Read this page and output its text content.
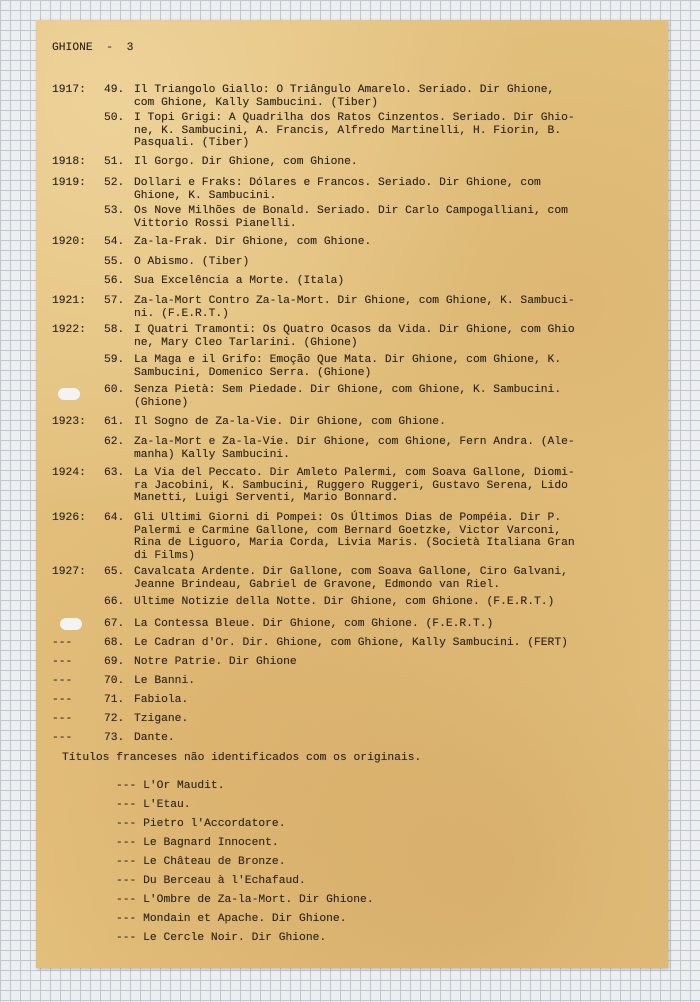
GHIONE  -  3
1917: 49. Il Triangolo Giallo: O Triângulo Amarelo. Seriado. Dir Ghione,
com Ghione, Kally Sambucini. (Tiber)
50. I Topi Grigi: A Quadrilha dos Ratos Cinzentos. Seriado. Dir Ghio-
ne, K. Sambucini, A. Francis, Alfredo Martinelli, H. Fiorin, B.
Pasquali. (Tiber)
1918: 51. Il Gorgo. Dir Ghione, com Ghione.
1919: 52. Dollari e Fraks: Dólares e Francos. Seriado. Dir Ghione, com
Ghione, K. Sambucini.
53. Os Nove Milhões de Bonald. Seriado. Dir Carlo Campogalliani, com
Vittorio Rossi Pianelli.
1920: 54. Za-la-Frak. Dir Ghione, com Ghione.
55. O Abismo. (Tiber)
56. Sua Excelência a Morte. (Itala)
1921: 57. Za-la-Mort Contro Za-la-Mort. Dir Ghione, com Ghione, K. Sambuci-
ni. (F.E.R.T.)
1922: 58. I Quatri Tramonti: Os Quatro Ocasos da Vida. Dir Ghione, com Ghio
ne, Mary Cleo Tarlarini. (Ghione)
59. La Maga e il Grifo: Emoção Que Mata. Dir Ghione, com Ghione, K.
Sambucini, Domenico Serra. (Ghione)
60. Senza Pietà: Sem Piedade. Dir Ghione, com Ghione, K. Sambucini.
(Ghione)
1923: 61. Il Sogno de Za-la-Vie. Dir Ghione, com Ghione.
62. Za-la-Mort e Za-la-Vie. Dir Ghione, com Ghione, Fern Andra. (Ale-
manha) Kally Sambucini.
1924: 63. La Via del Peccato. Dir Amleto Palermi, com Soava Gallone, Diomi-
ra Jacobini, K. Sambucini, Ruggero Ruggeri, Gustavo Serena, Lido
Manetti, Luigi Serventi, Mario Bonnard.
1926: 64. Gli Ultimi Giorni di Pompei: Os Últimos Dias de Pompéia. Dir P.
Palermi e Carmine Gallone, com Bernard Goetzke, Victor Varconi,
Rina de Liguoro, Maria Corda, Livia Maris. (Società Italiana Gran
di Films)
1927: 65. Cavalcata Ardente. Dir Gallone, com Soava Gallone, Ciro Galvani,
Jeanne Brindeau, Gabriel de Gravone, Edmondo van Riel.
66. Ultime Notizie della Notte. Dir Ghione, com Ghione. (F.E.R.T.)
67. La Contessa Bleue. Dir Ghione, com Ghione. (F.E.R.T.)
---	68. Le Cadran d'Or. Dir. Ghione, com Ghione, Kally Sambucini. (FERT)
---	69. Notre Patrie. Dir Ghione
---	70. Le Banni.
---	71. Fabiola.
---	72. Tzigane.
---	73. Dante.
Títulos franceses não identificados com os originais.
--- L'Or Maudit.
--- L'Etau.
--- Pietro l'Accordatore.
--- Le Bagnard Innocent.
--- Le Château de Bronze.
--- Du Berceau à l'Echafaud.
--- L'Ombre de Za-la-Mort. Dir Ghione.
--- Mondain et Apache. Dir Ghione.
--- Le Cercle Noir. Dir Ghione.
